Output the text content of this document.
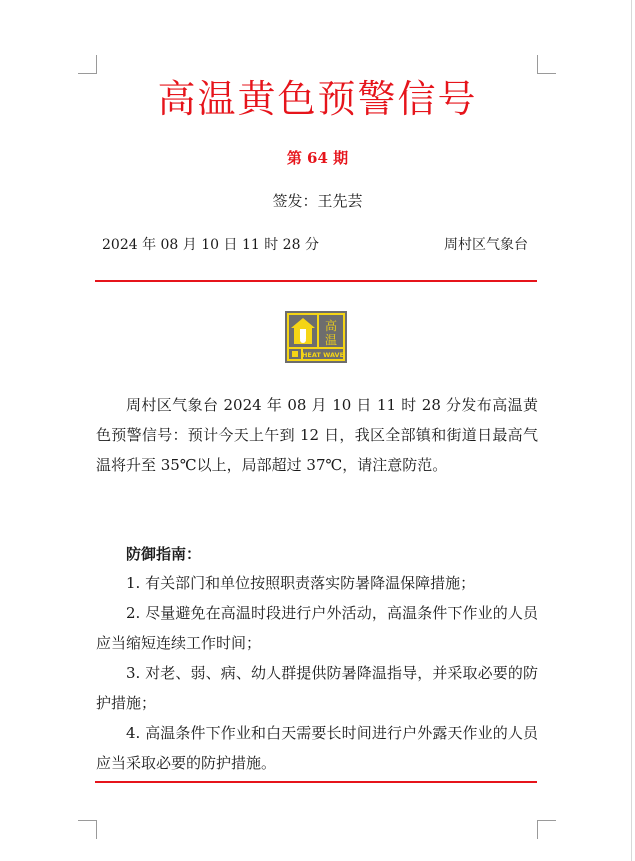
高温黄色预警信号
第 64 期
签发：王先芸
2024 年 08 月 10 日 11 时 28 分	周村区气象台
高
温
HEAT WAVE

周村区气象台 2024 年 08 月 10 日 11 时 28 分发布高温黄色预警信号：预计今天上午到 12 日，我区全部镇和街道日最高气温将升至 35℃以上，局部超过 37℃，请注意防范。

防御指南：

1. 有关部门和单位按照职责落实防暑降温保障措施；

2. 尽量避免在高温时段进行户外活动，高温条件下作业的人员应当缩短连续工作时间；

3. 对老、弱、病、幼人群提供防暑降温指导，并采取必要的防护措施；

4. 高温条件下作业和白天需要长时间进行户外露天作业的人员应当采取必要的防护措施。
